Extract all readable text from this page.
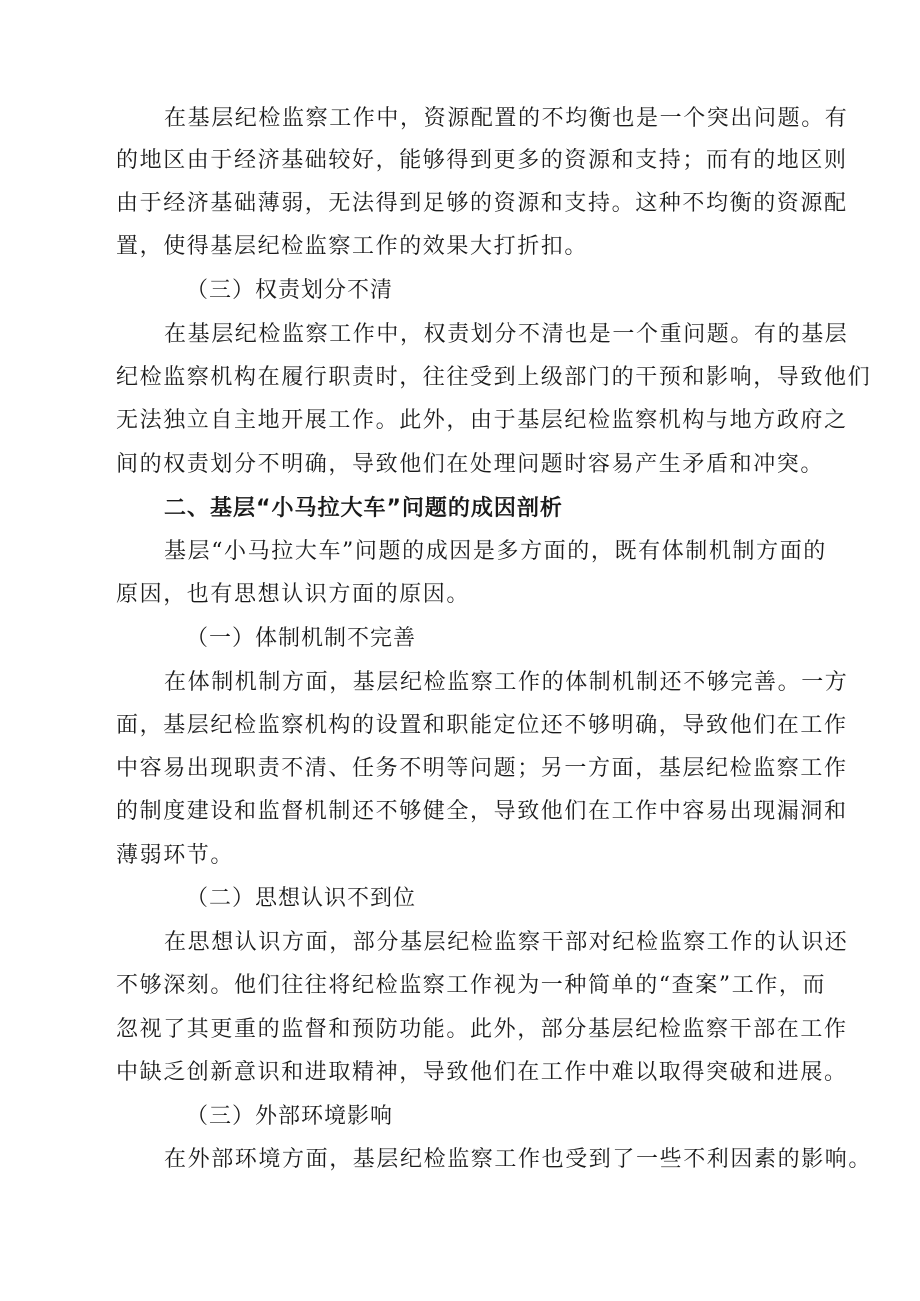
在基层纪检监察工作中，资源配置的不均衡也是一个突出问题。有
的地区由于经济基础较好，能够得到更多的资源和支持；而有的地区则
由于经济基础薄弱，无法得到足够的资源和支持。这种不均衡的资源配
置，使得基层纪检监察工作的效果大打折扣。
（三）权责划分不清
在基层纪检监察工作中，权责划分不清也是一个重问题。有的基层
纪检监察机构在履行职责时，往往受到上级部门的干预和影响，导致他们
无法独立自主地开展工作。此外，由于基层纪检监察机构与地方政府之
间的权责划分不明确，导致他们在处理问题时容易产生矛盾和冲突。
二、基层“小马拉大车”问题的成因剖析
基层“小马拉大车”问题的成因是多方面的，既有体制机制方面的
原因，也有思想认识方面的原因。
（一）体制机制不完善
在体制机制方面，基层纪检监察工作的体制机制还不够完善。一方
面，基层纪检监察机构的设置和职能定位还不够明确，导致他们在工作
中容易出现职责不清、任务不明等问题；另一方面，基层纪检监察工作
的制度建设和监督机制还不够健全，导致他们在工作中容易出现漏洞和
薄弱环节。
（二）思想认识不到位
在思想认识方面，部分基层纪检监察干部对纪检监察工作的认识还
不够深刻。他们往往将纪检监察工作视为一种简单的“查案”工作，而
忽视了其更重的监督和预防功能。此外，部分基层纪检监察干部在工作
中缺乏创新意识和进取精神，导致他们在工作中难以取得突破和进展。
（三）外部环境影响
在外部环境方面，基层纪检监察工作也受到了一些不利因素的影响。
